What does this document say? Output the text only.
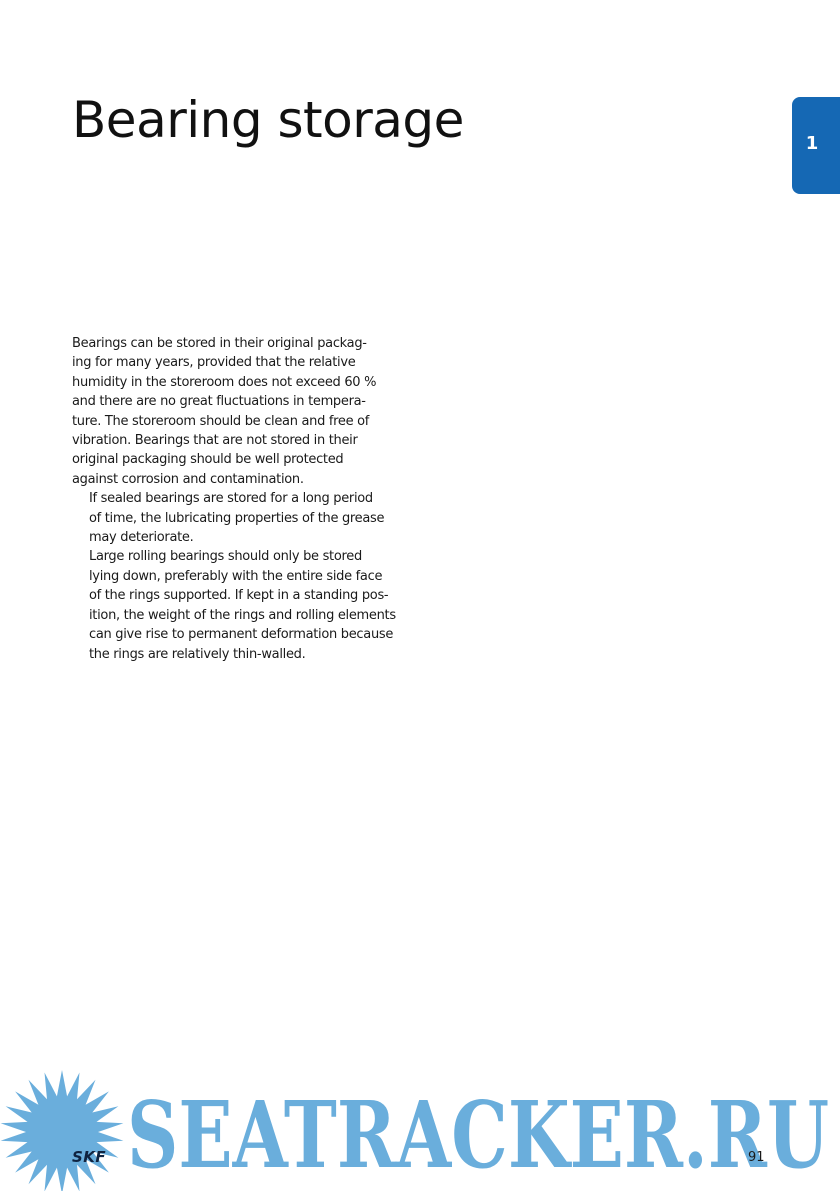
Bearing storage	1

Bearings can be stored in their original packag-
ing for many years, provided that the relative
humidity in the storeroom does not exceed 60 %
and there are no great fluctuations in tempera-
ture. The storeroom should be clean and free of
vibration. Bearings that are not stored in their
original packaging should be well protected
against corrosion and contamination.

If sealed bearings are stored for a long period
of time, the lubricating properties of the grease
may deteriorate.

Large rolling bearings should only be stored
lying down, preferably with the entire side face
of the rings supported. If kept in a standing pos-
ition, the weight of the rings and rolling elements
can give rise to permanent deformation because
the rings are relatively thin-walled.

SEATRACKER.RU
SKF	91
